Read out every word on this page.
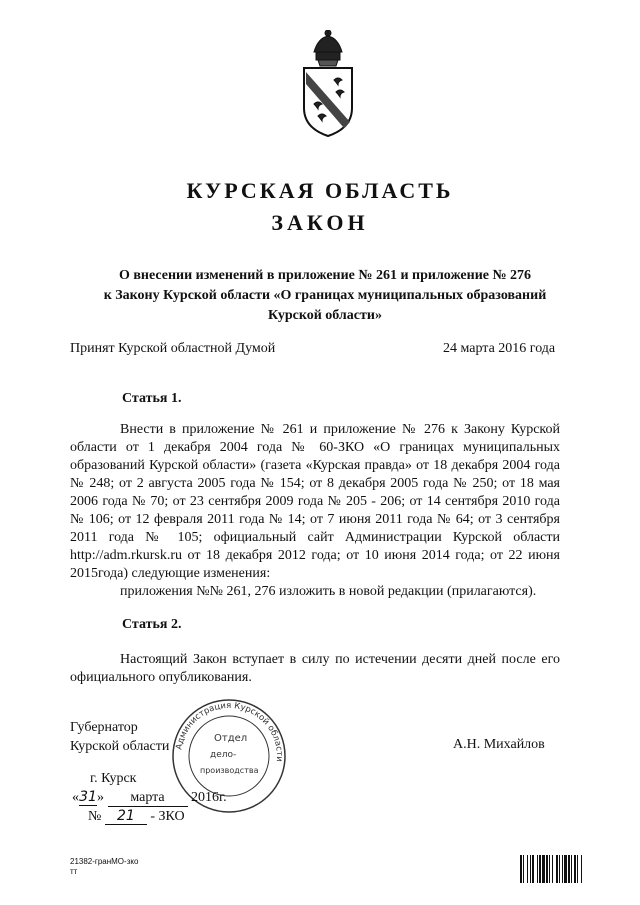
КУРСКАЯ ОБЛАСТЬ
ЗАКОН
О внесении изменений в приложение № 261 и приложение № 276
к Закону Курской области «О границах муниципальных образований
Курской области»
Принят Курской областной Думой	24 марта 2016 года
Статья 1.

Внести в приложение № 261 и приложение № 276 к Закону Курской области от 1 декабря 2004 года № 60-ЗКО «О границах муниципальных образований Курской области» (газета «Курская правда» от 18 декабря 2004 года № 248; от 2 августа 2005 года № 154; от 8 декабря 2005 года № 250; от 18 мая 2006 года № 70; от 23 сентября 2009 года № 205 - 206; от 14 сентября 2010 года № 106; от 12 февраля 2011 года № 14; от 7 июня 2011 года № 64; от 3 сентября 2011 года № 105; официальный сайт Администрации Курской области http://adm.rkursk.ru от 18 декабря 2012 года; от 10 июня 2014 года; от 22 июня 2015года) следующие изменения:

приложения №№ 261, 276 изложить в новой редакции (прилагаются).

Статья 2.

Настоящий Закон вступает в силу по истечении десяти дней после его официального опубликования.

Губернатор
Курской области	А.Н. Михайлов
Администрация Курской области
Отдел
дело-
производства
г. Курск
«31» марта 2016г.
№ 21 - ЗКО
21382-гранМО-зко
тт
